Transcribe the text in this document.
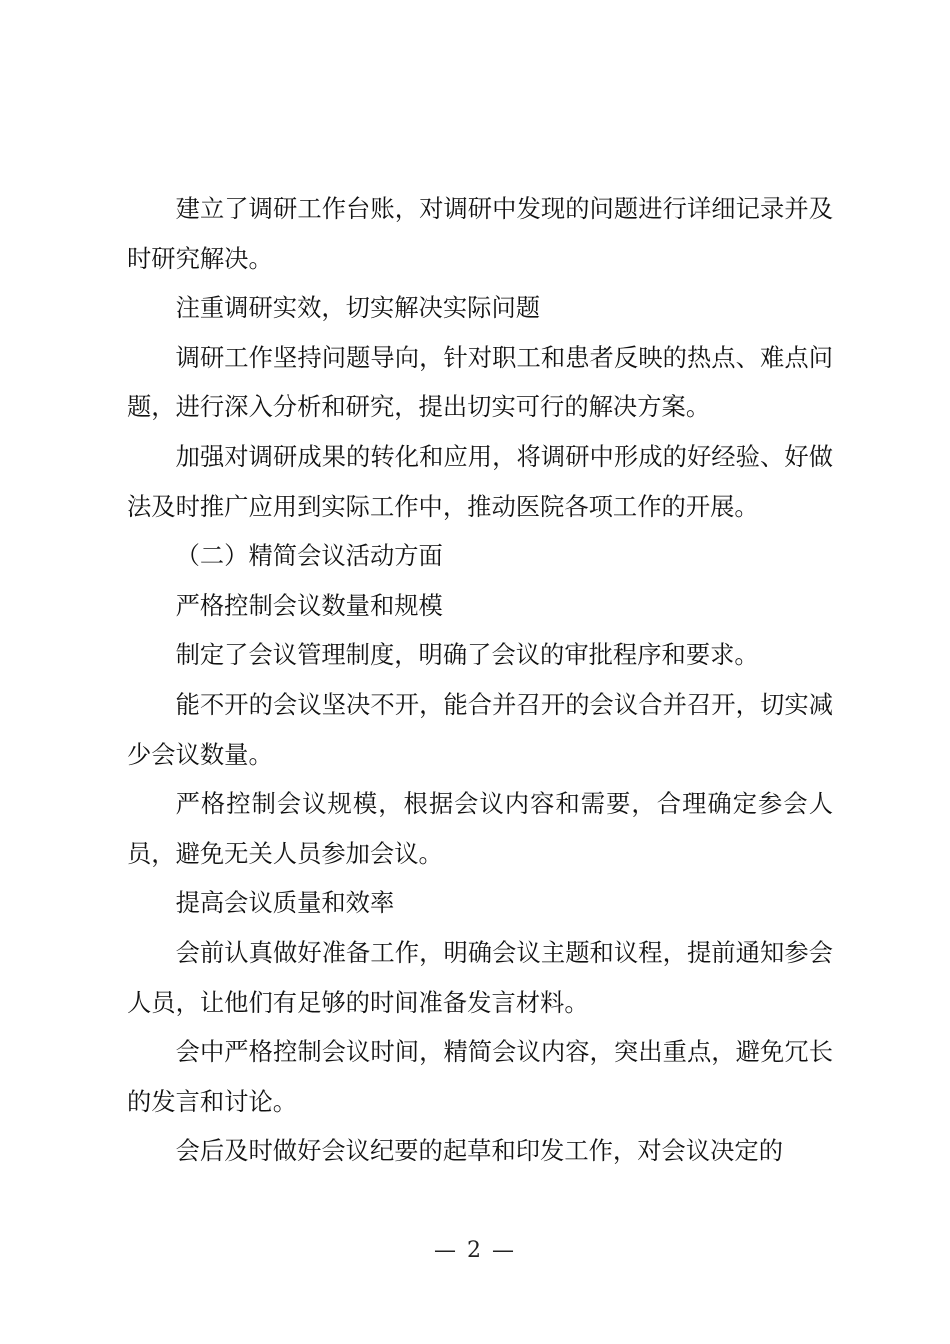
建立了调研工作台账，对调研中发现的问题进行详细记录并及时研究解决。

注重调研实效，切实解决实际问题

调研工作坚持问题导向，针对职工和患者反映的热点、难点问题，进行深入分析和研究，提出切实可行的解决方案。

加强对调研成果的转化和应用，将调研中形成的好经验、好做法及时推广应用到实际工作中，推动医院各项工作的开展。

（二）精简会议活动方面

严格控制会议数量和规模

制定了会议管理制度，明确了会议的审批程序和要求。

能不开的会议坚决不开，能合并召开的会议合并召开，切实减少会议数量。

严格控制会议规模，根据会议内容和需要，合理确定参会人员，避免无关人员参加会议。

提高会议质量和效率

会前认真做好准备工作，明确会议主题和议程，提前通知参会人员，让他们有足够的时间准备发言材料。

会中严格控制会议时间，精简会议内容，突出重点，避免冗长的发言和讨论。

会后及时做好会议纪要的起草和印发工作，对会议决定的

— 2 —
